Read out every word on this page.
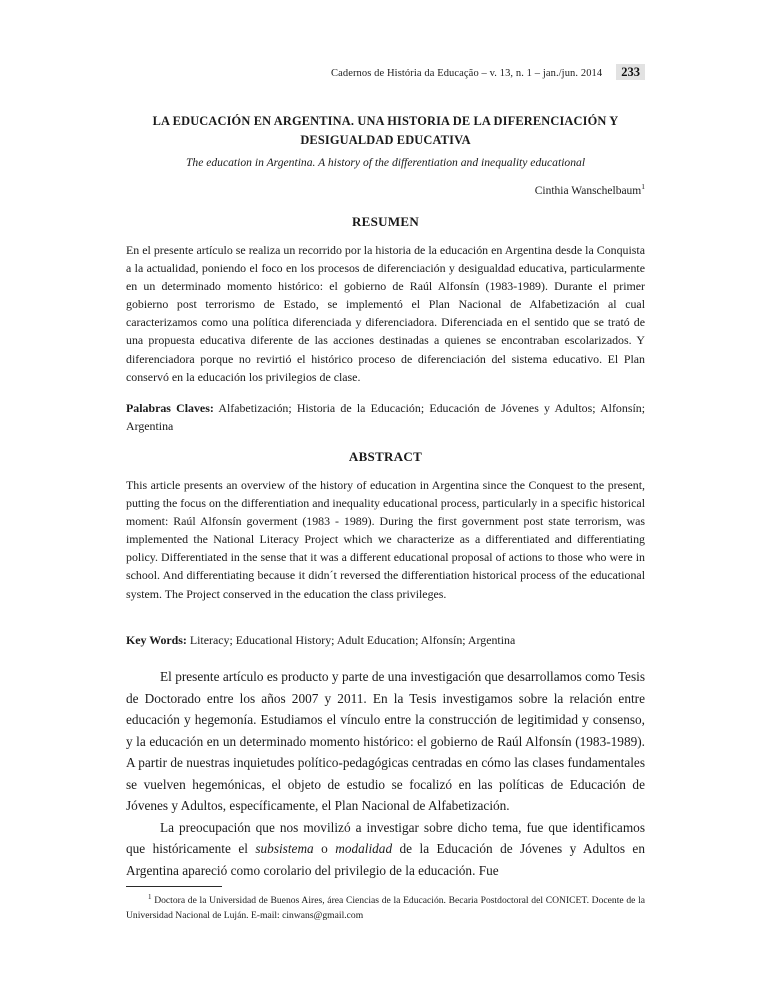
Cadernos de História da Educação – v. 13, n. 1 – jan./jun. 2014	233
LA EDUCACIÓN EN ARGENTINA. UNA HISTORIA DE LA DIFERENCIACIÓN Y DESIGUALDAD EDUCATIVA

The education in Argentina. A history of the differentiation and inequality educational

Cinthia Wanschelbaum$^1$
RESUMEN

En el presente artículo se realiza un recorrido por la historia de la educación en Argentina desde la Conquista a la actualidad, poniendo el foco en los procesos de diferenciación y desigualdad educativa, particularmente en un determinado momento histórico: el gobierno de Raúl Alfonsín (1983-1989). Durante el primer gobierno post terrorismo de Estado, se implementó el Plan Nacional de Alfabetización al cual caracterizamos como una política diferenciada y diferenciadora. Diferenciada en el sentido que se trató de una propuesta educativa diferente de las acciones destinadas a quienes se encontraban escolarizados. Y diferenciadora porque no revirtió el histórico proceso de diferenciación del sistema educativo. El Plan conservó en la educación los privilegios de clase.

Palabras Claves: Alfabetización; Historia de la Educación; Educación de Jóvenes y Adultos; Alfonsín; Argentina

ABSTRACT

This article presents an overview of the history of education in Argentina since the Conquest to the present, putting the focus on the differentiation and inequality educational process, particularly in a specific historical moment: Raúl Alfonsín goverment (1983 - 1989). During the first government post state terrorism, was implemented the National Literacy Project which we characterize as a differentiated and differentiating policy. Differentiated in the sense that it was a different educational proposal of actions to those who were in school. And differentiating because it didn´t reversed the differentiation historical process of the educational system. The Project conserved in the education the class privileges.

Key Words: Literacy; Educational History; Adult Education; Alfonsín; Argentina

El presente artículo es producto y parte de una investigación que desarrollamos como Tesis de Doctorado entre los años 2007 y 2011. En la Tesis investigamos sobre la relación entre educación y hegemonía. Estudiamos el vínculo entre la construcción de legitimidad y consenso, y la educación en un determinado momento histórico: el gobierno de Raúl Alfonsín (1983-1989). A partir de nuestras inquietudes político-pedagógicas centradas en cómo las clases fundamentales se vuelven hegemónicas, el objeto de estudio se focalizó en las políticas de Educación de Jóvenes y Adultos, específicamente, el Plan Nacional de Alfabetización.

La preocupación que nos movilizó a investigar sobre dicho tema, fue que identificamos que históricamente el subsistema o modalidad de la Educación de Jóvenes y Adultos en Argentina apareció como corolario del privilegio de la educación. Fue

$^1$ Doctora de la Universidad de Buenos Aires, área Ciencias de la Educación. Becaria Postdoctoral del CONICET. Docente de la Universidad Nacional de Luján. E-mail: cinwans@gmail.com
